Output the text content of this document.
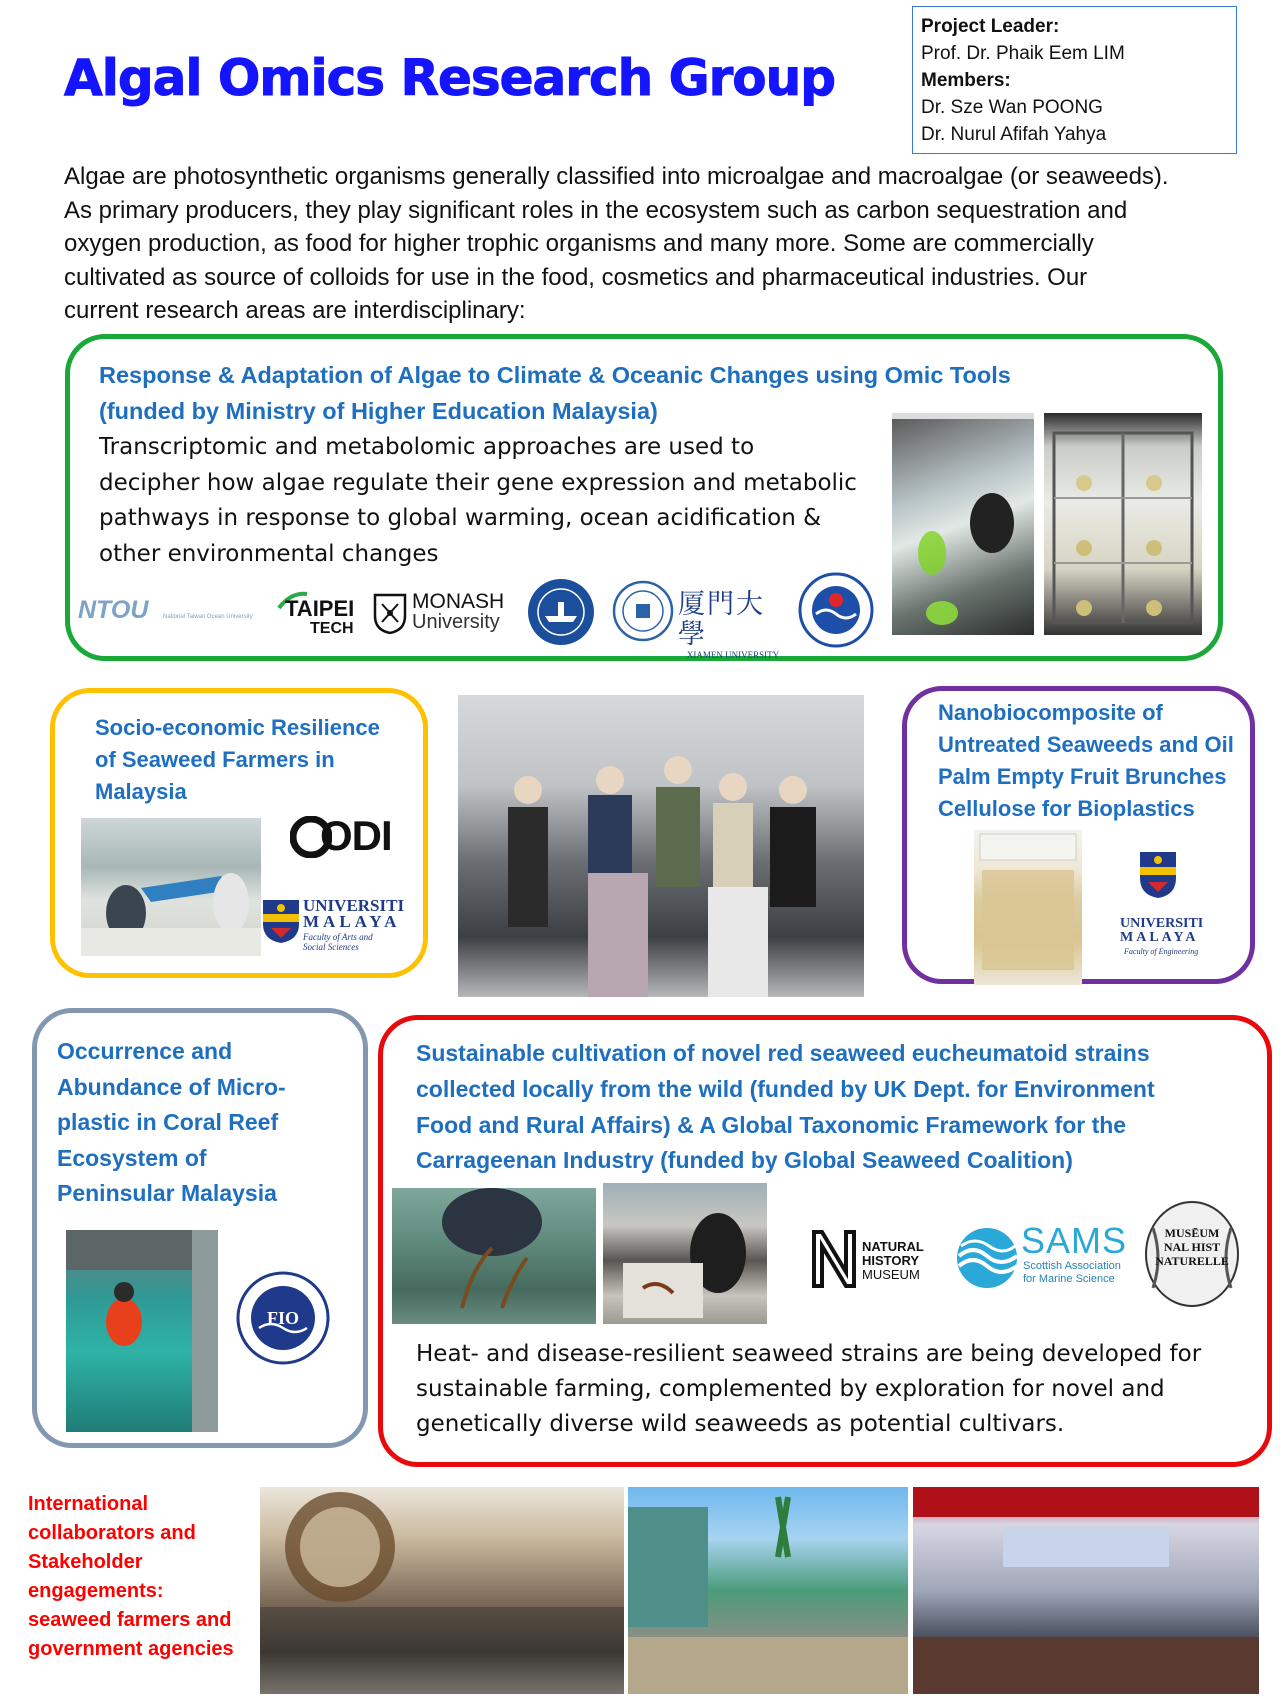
Algal Omics Research Group
Project Leader:
Prof. Dr. Phaik Eem LIM
Members:
Dr. Sze Wan POONG
Dr. Nurul Afifah Yahya
Algae are photosynthetic organisms generally classified into microalgae and macroalgae (or seaweeds).
As primary producers, they play significant roles in the ecosystem such as carbon sequestration and
oxygen production, as food for higher trophic organisms and many more. Some are commercially
cultivated as source of colloids for use in the food, cosmetics and pharmaceutical industries. Our
current research areas are interdisciplinary:
Response & Adaptation of Algae to Climate & Oceanic Changes using Omic Tools
(funded by Ministry of Higher Education Malaysia)
Transcriptomic and metabolomic approaches are used to
decipher how algae regulate their gene expression and metabolic
pathways in response to global warming, ocean acidification &
other environmental changes
NTOU National Taiwan Ocean University	TAIPEI
TECH
MONASH
University
厦門大學
XIAMEN UNIVERSITY
Socio-economic Resilience
of Seaweed Farmers in
Malaysia
ODI
UNIVERSITI
MALAYA
Faculty of Arts and
Social Sciences
Nanobiocomposite of
Untreated Seaweeds and Oil
Palm Empty Fruit Brunches
Cellulose for Bioplastics
UNIVERSITI
MALAYA
Faculty of Engineering
Occurrence and
Abundance of Micro-
plastic in Coral Reef
Ecosystem of
Peninsular Malaysia
FIO
Sustainable cultivation of novel red seaweed eucheumatoid strains
collected locally from the wild (funded by UK Dept. for Environment
Food and Rural Affairs) & A Global Taxonomic Framework for the
Carrageenan Industry (funded by Global Seaweed Coalition)
NATURAL
HISTORY
MUSEUM
SAMS
Scottish Association
for Marine Science
MUSĒUM
NAL HIST
NATURELLE
Heat- and disease-resilient seaweed strains are being developed for
sustainable farming, complemented by exploration for novel and
genetically diverse wild seaweeds as potential cultivars.
International
collaborators and
Stakeholder
engagements:
seaweed farmers and
government agencies
